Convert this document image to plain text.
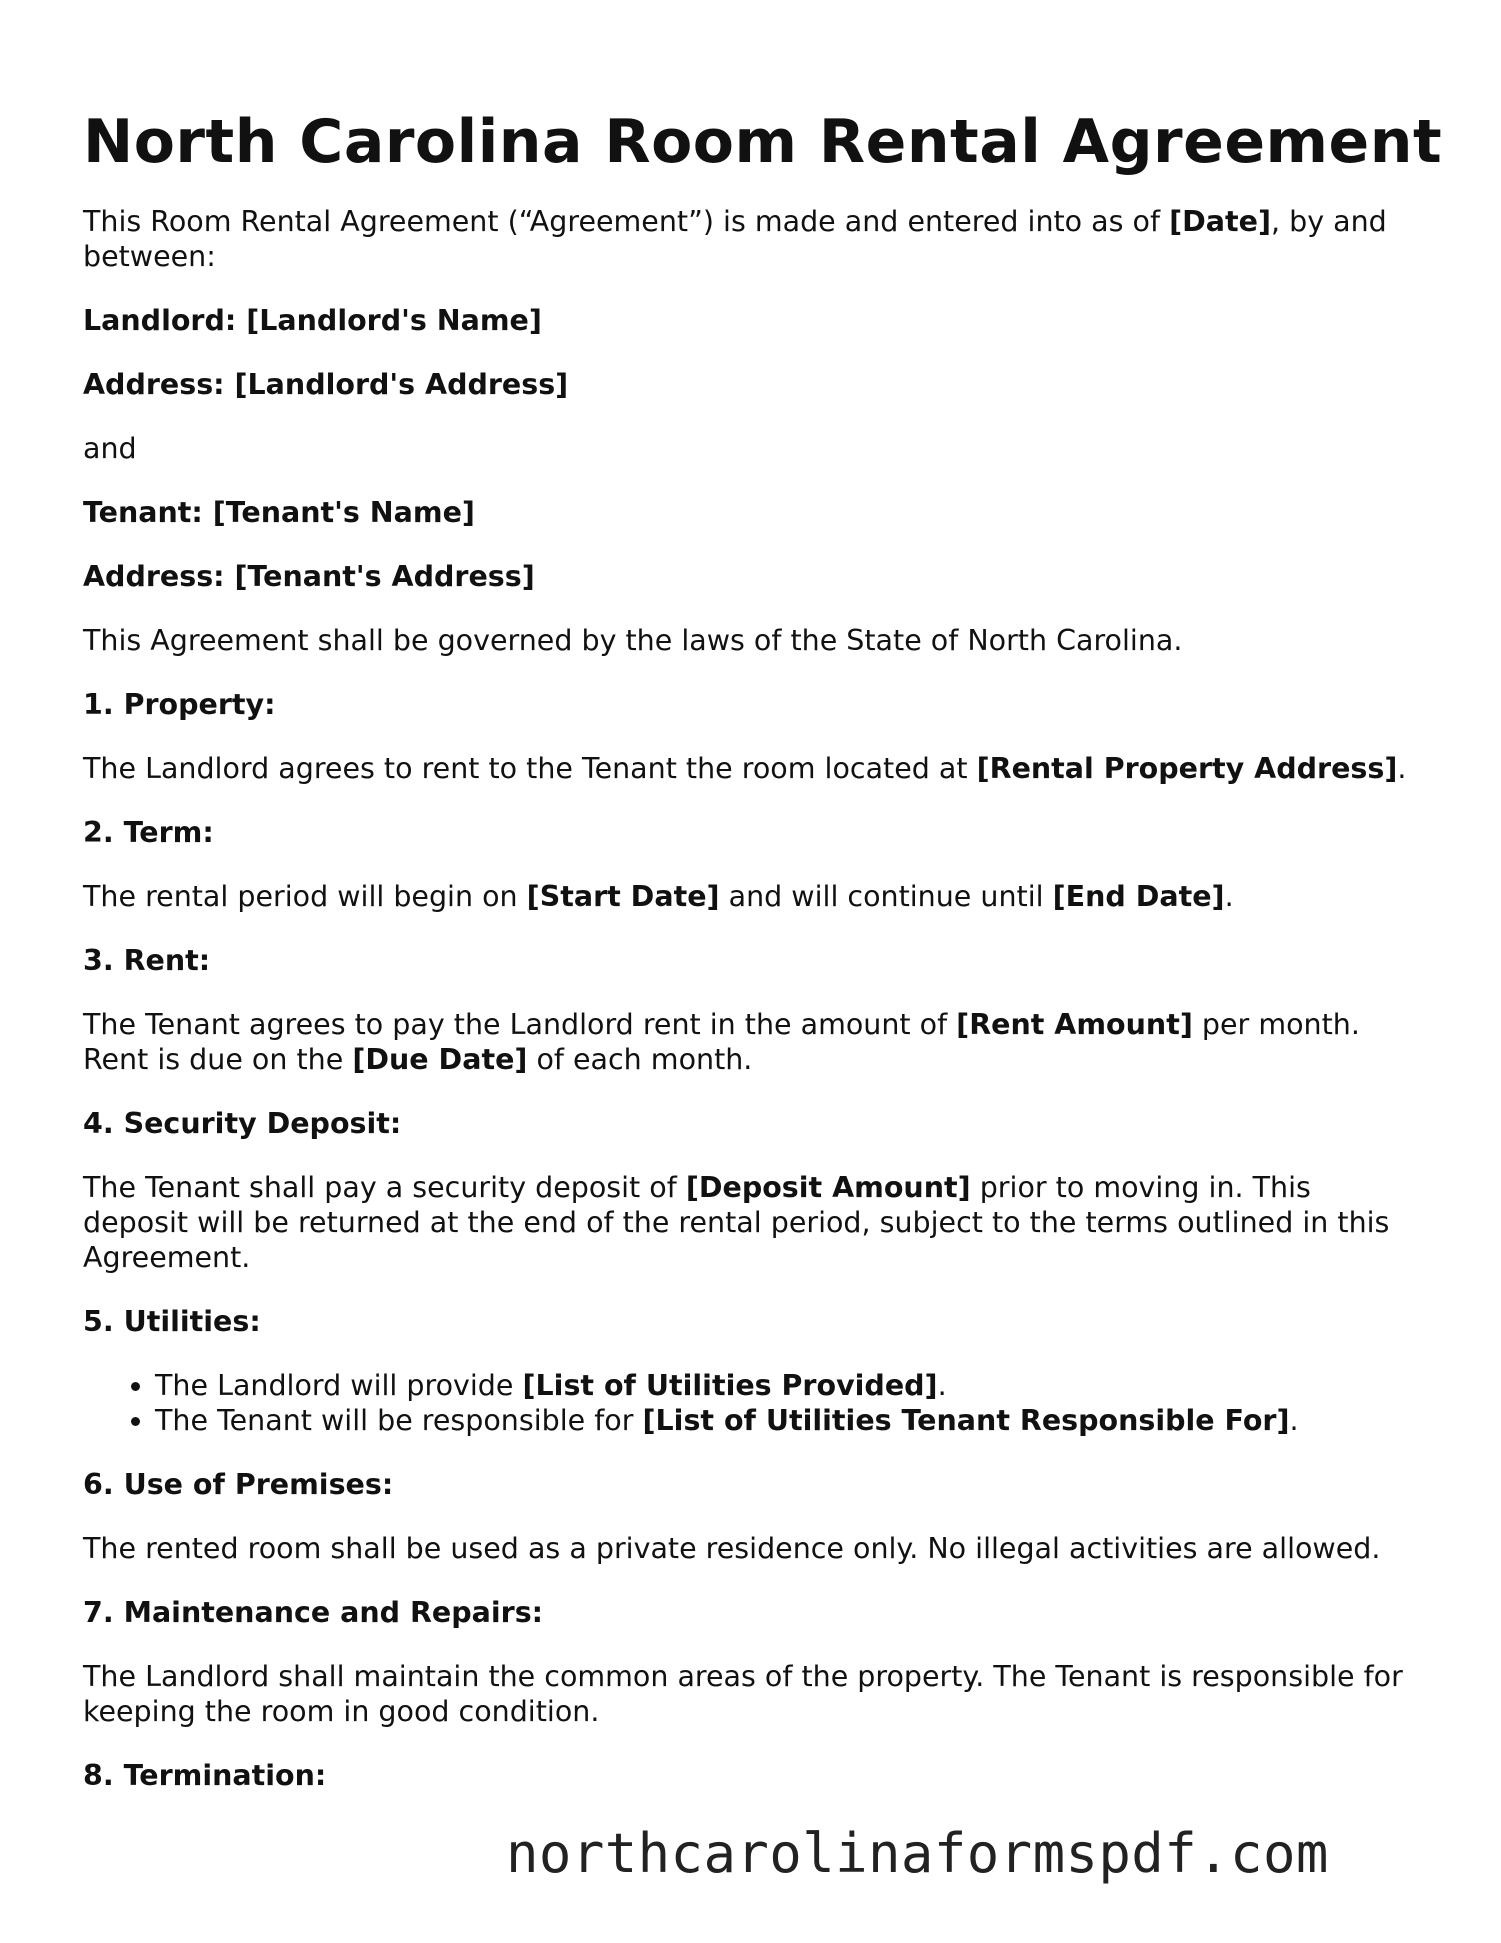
North Carolina Room Rental Agreement

This Room Rental Agreement (“Agreement”) is made and entered into as of [Date], by and between:

Landlord: [Landlord's Name]

Address: [Landlord's Address]

and

Tenant: [Tenant's Name]

Address: [Tenant's Address]

This Agreement shall be governed by the laws of the State of North Carolina.

1. Property:

The Landlord agrees to rent to the Tenant the room located at [Rental Property Address].

2. Term:

The rental period will begin on [Start Date] and will continue until [End Date].

3. Rent:

The Tenant agrees to pay the Landlord rent in the amount of [Rent Amount] per month. Rent is due on the [Due Date] of each month.

4. Security Deposit:

The Tenant shall pay a security deposit of [Deposit Amount] prior to moving in. This deposit will be returned at the end of the rental period, subject to the terms outlined in this Agreement.

5. Utilities:

• The Landlord will provide [List of Utilities Provided].
• The Tenant will be responsible for [List of Utilities Tenant Responsible For].

6. Use of Premises:

The rented room shall be used as a private residence only. No illegal activities are allowed.

7. Maintenance and Repairs:

The Landlord shall maintain the common areas of the property. The Tenant is responsible for keeping the room in good condition.

8. Termination:

northcarolinaformspdf.com
